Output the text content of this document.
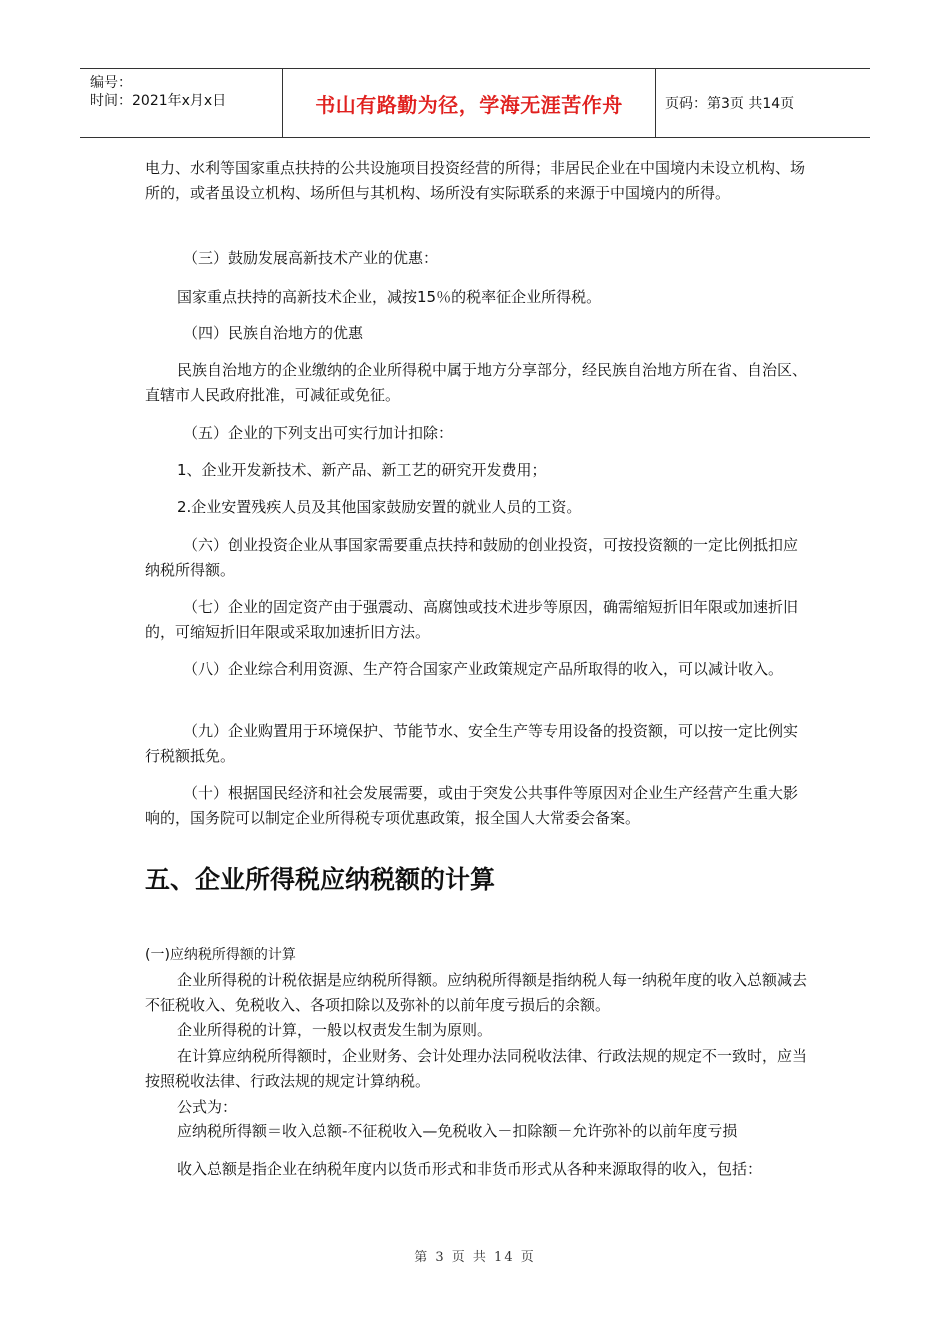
编号：
时间：2021年x月x日	书山有路勤为径，学海无涯苦作舟	页码：第3页 共14页
电力、水利等国家重点扶持的公共设施项目投资经营的所得；非居民企业在中国境内未设立机构、场所的，或者虽设立机构、场所但与其机构、场所没有实际联系的来源于中国境内的所得。
（三）鼓励发展高新技术产业的优惠：
国家重点扶持的高新技术企业，减按15％的税率征企业所得税。
（四）民族自治地方的优惠
民族自治地方的企业缴纳的企业所得税中属于地方分享部分，经民族自治地方所在省、自治区、直辖市人民政府批准，可减征或免征。
（五）企业的下列支出可实行加计扣除：
1、企业开发新技术、新产品、新工艺的研究开发费用；
2.企业安置残疾人员及其他国家鼓励安置的就业人员的工资。
（六）创业投资企业从事国家需要重点扶持和鼓励的创业投资，可按投资额的一定比例抵扣应纳税所得额。
（七）企业的固定资产由于强震动、高腐蚀或技术进步等原因，确需缩短折旧年限或加速折旧的，可缩短折旧年限或采取加速折旧方法。
（八）企业综合利用资源、生产符合国家产业政策规定产品所取得的收入，可以减计收入。
（九）企业购置用于环境保护、节能节水、安全生产等专用设备的投资额，可以按一定比例实行税额抵免。
（十）根据国民经济和社会发展需要，或由于突发公共事件等原因对企业生产经营产生重大影响的，国务院可以制定企业所得税专项优惠政策，报全国人大常委会备案。
五、企业所得税应纳税额的计算
(一)应纳税所得额的计算
企业所得税的计税依据是应纳税所得额。应纳税所得额是指纳税人每一纳税年度的收入总额减去不征税收入、免税收入、各项扣除以及弥补的以前年度亏损后的余额。
企业所得税的计算，一般以权责发生制为原则。
在计算应纳税所得额时，企业财务、会计处理办法同税收法律、行政法规的规定不一致时，应当按照税收法律、行政法规的规定计算纳税。
公式为：
应纳税所得额＝收入总额-不征税收入—免税收入－扣除额－允许弥补的以前年度亏损
收入总额是指企业在纳税年度内以货币形式和非货币形式从各种来源取得的收入，包括：
第 3 页 共 14 页
